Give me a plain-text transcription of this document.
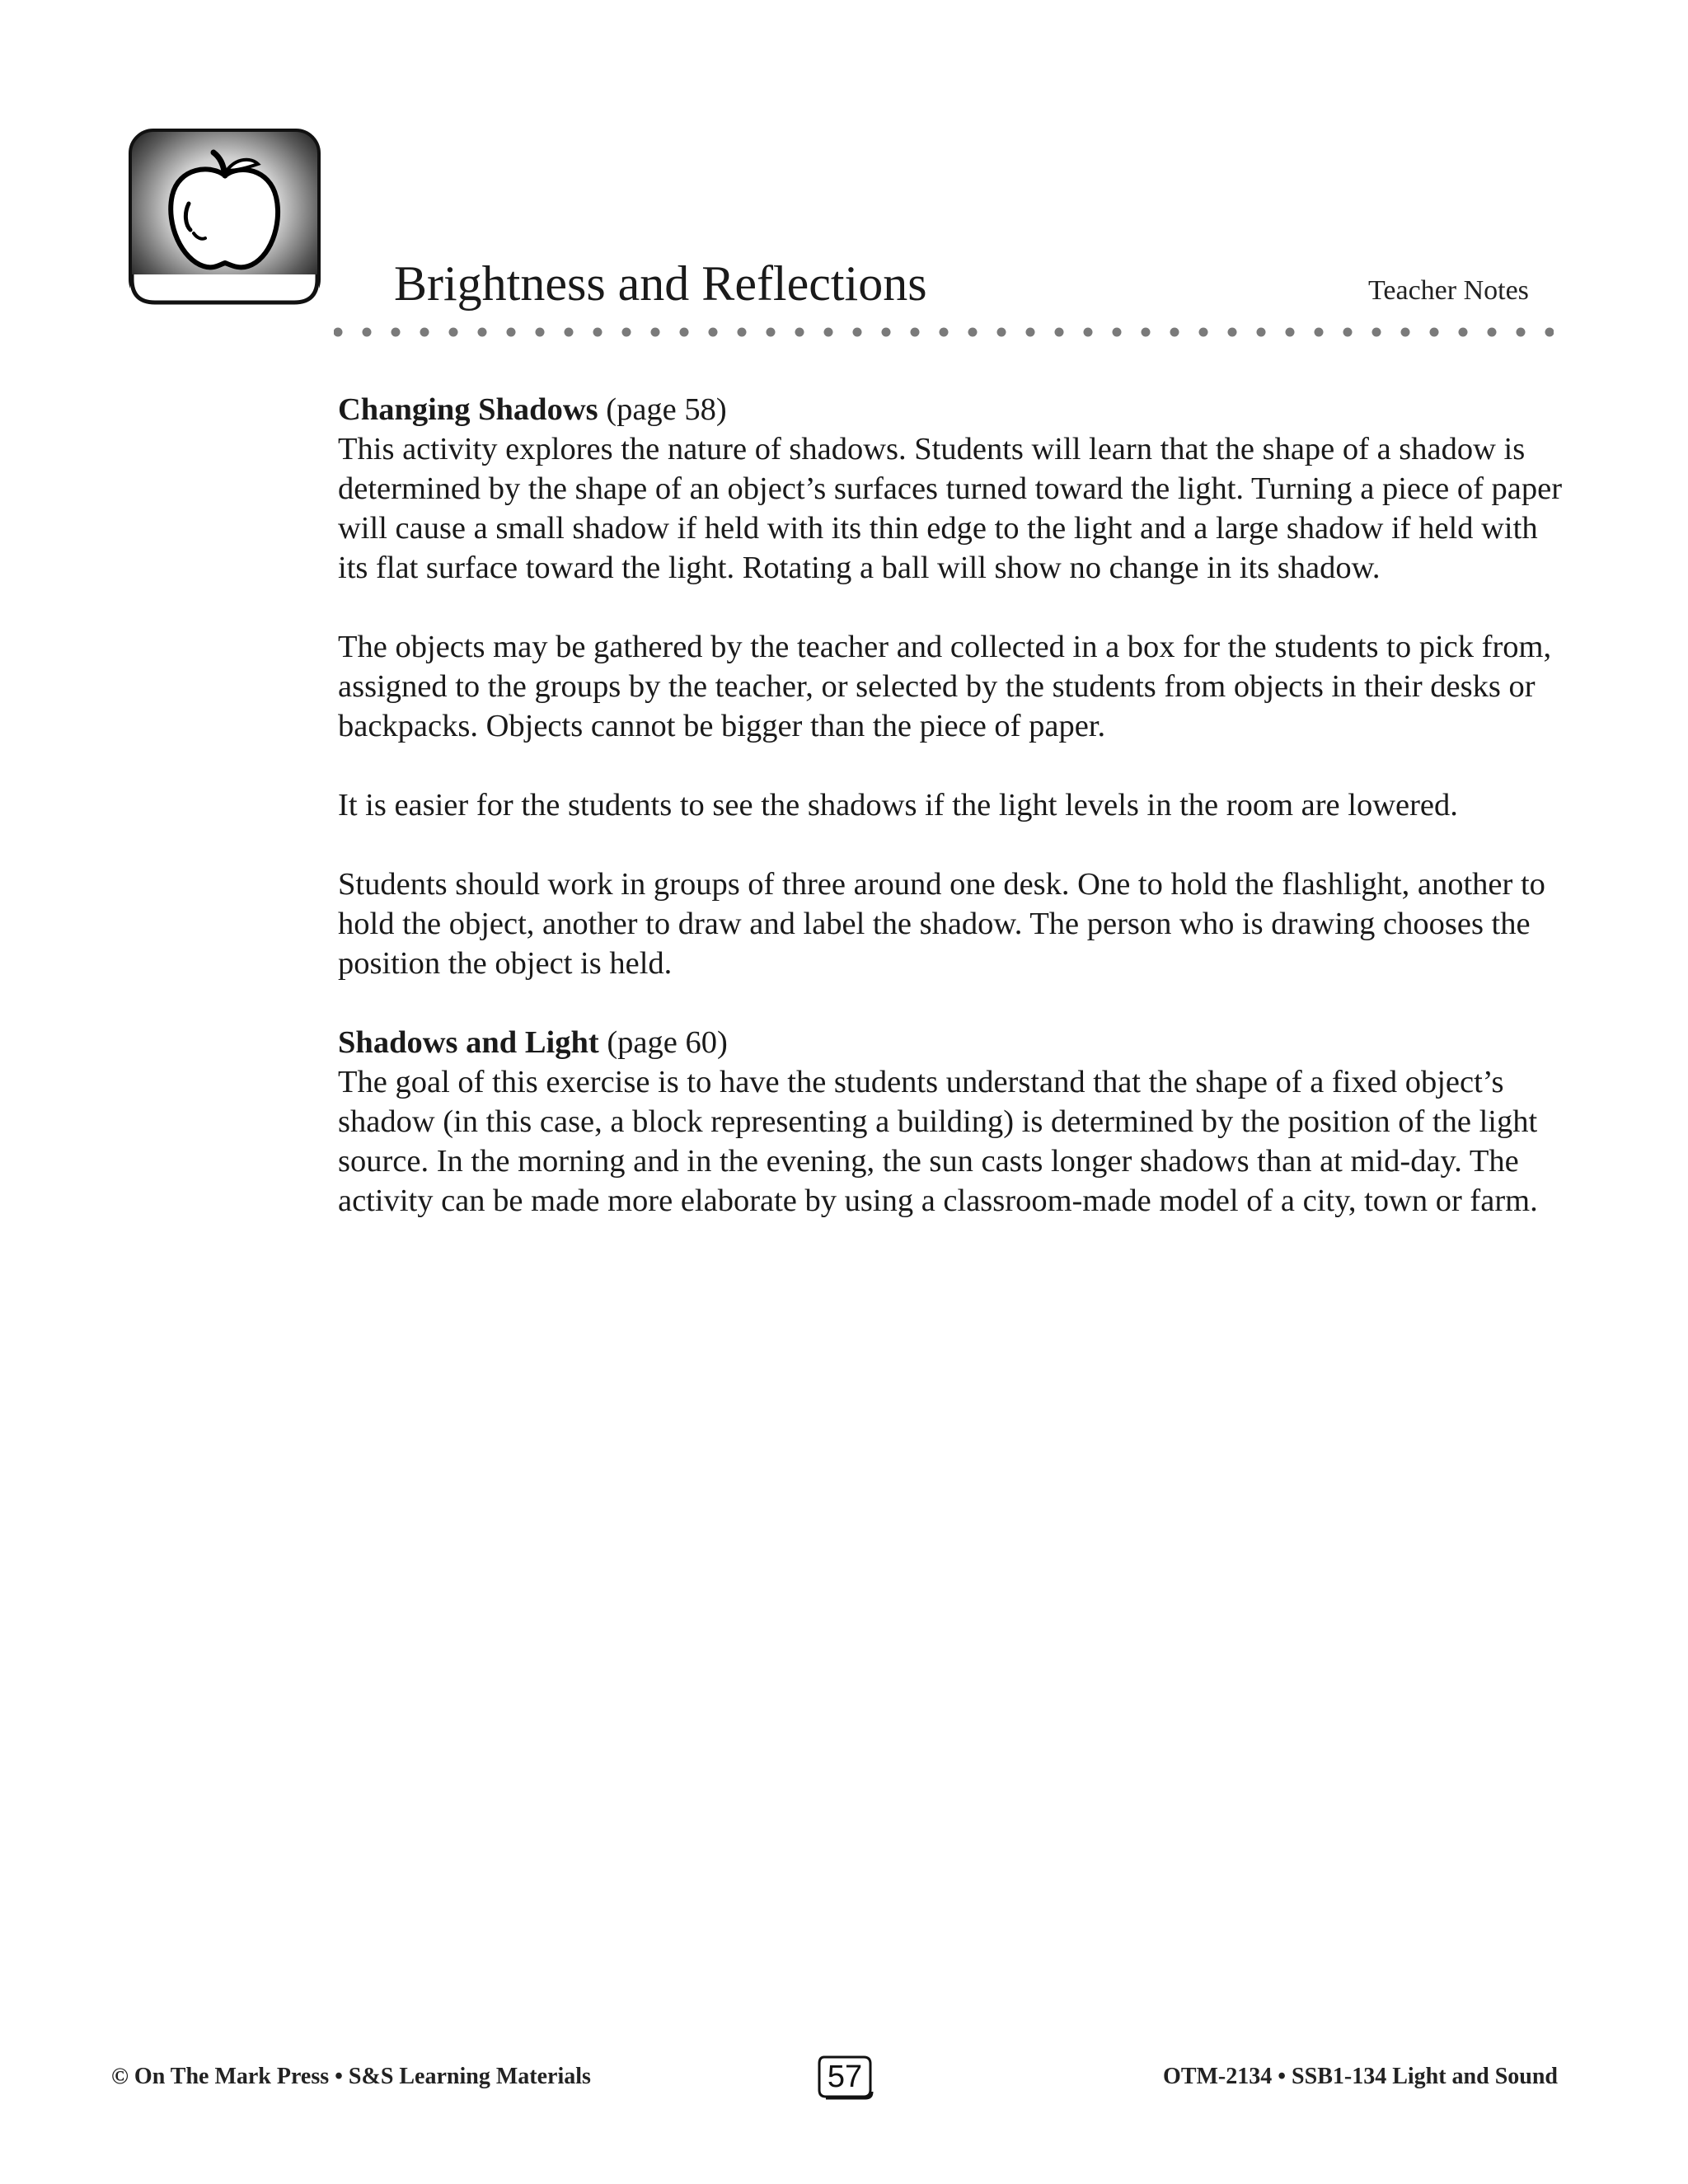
Brightness and Reflections	Teacher Notes

Changing Shadows (page 58)

This activity explores the nature of shadows. Students will learn that the shape of a shadow is determined by the shape of an object’s surfaces turned toward the light. Turning a piece of paper will cause a small shadow if held with its thin edge to the light and a large shadow if held with its flat surface toward the light. Rotating a ball will show no change in its shadow.

The objects may be gathered by the teacher and collected in a box for the students to pick from, assigned to the groups by the teacher, or selected by the students from objects in their desks or backpacks. Objects cannot be bigger than the piece of paper.

It is easier for the students to see the shadows if the light levels in the room are lowered.

Students should work in groups of three around one desk. One to hold the flashlight, another to hold the object, another to draw and label the shadow. The person who is drawing chooses the position the object is held.

Shadows and Light (page 60)

The goal of this exercise is to have the students understand that the shape of a fixed object’s shadow (in this case, a block representing a building) is determined by the position of the light source. In the morning and in the evening, the sun casts longer shadows than at mid-day. The activity can be made more elaborate by using a classroom-made model of a city, town or farm.

© On The Mark Press • S&S Learning Materials	57	OTM-2134 • SSB1-134 Light and Sound
